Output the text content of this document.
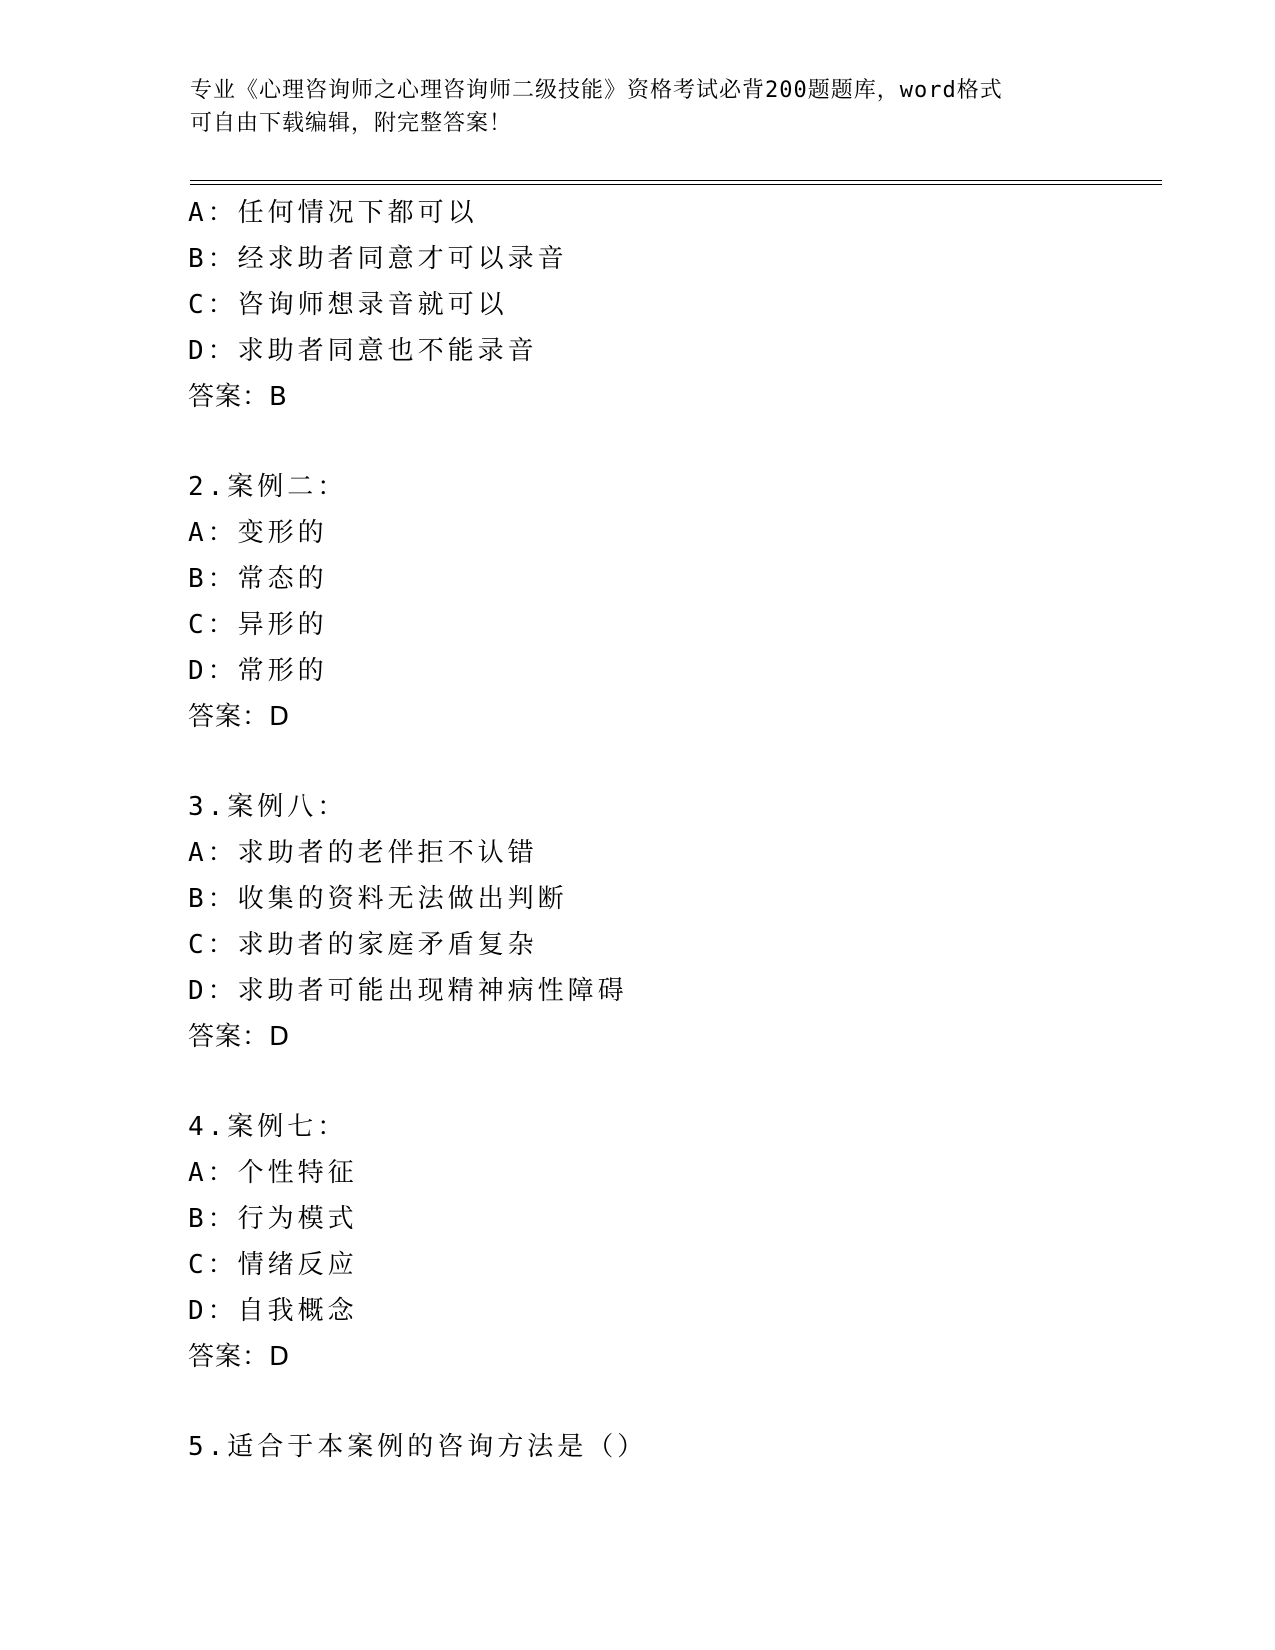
专业《心理咨询师之心理咨询师二级技能》资格考试必背200题题库，word格式
可自由下载编辑，附完整答案！
A：任何情况下都可以
B：经求助者同意才可以录音
C：咨询师想录音就可以
D：求助者同意也不能录音
答案：B
2.案例二：
A：变形的
B：常态的
C：异形的
D：常形的
答案：D
3.案例八：
A：求助者的老伴拒不认错
B：收集的资料无法做出判断
C：求助者的家庭矛盾复杂
D：求助者可能出现精神病性障碍
答案：D
4.案例七：
A：个性特征
B：行为模式
C：情绪反应
D：自我概念
答案：D
5.适合于本案例的咨询方法是（）
